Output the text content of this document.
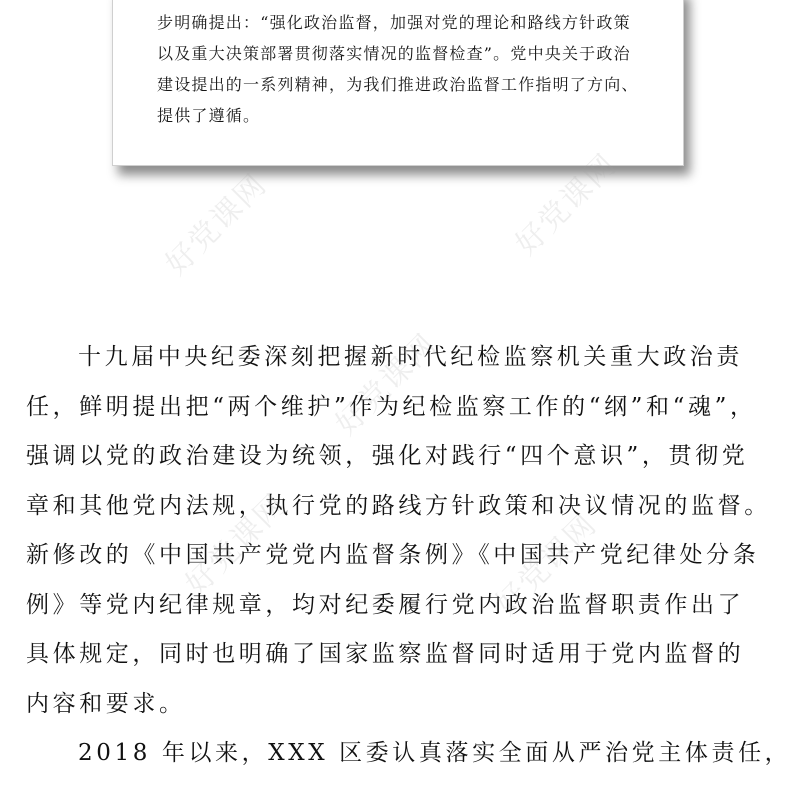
步明确提出：“强化政治监督，加强对党的理论和路线方针政策
以及重大决策部署贯彻落实情况的监督检查”。党中央关于政治
建设提出的一系列精神，为我们推进政治监督工作指明了方向、
提供了遵循。
十九届中央纪委深刻把握新时代纪检监察机关重大政治责
任，鲜明提出把“两个维护”作为纪检监察工作的“纲”和“魂”，
强调以党的政治建设为统领，强化对践行“四个意识”，贯彻党
章和其他党内法规，执行党的路线方针政策和决议情况的监督。
新修改的《中国共产党党内监督条例》《中国共产党纪律处分条
例》等党内纪律规章，均对纪委履行党内政治监督职责作出了
具体规定，同时也明确了国家监察监督同时适用于党内监督的
内容和要求。
2018 年以来，XXX 区委认真落实全面从严治党主体责任，
好党课网	好党课网
好党课网
好党课网	好党课网
